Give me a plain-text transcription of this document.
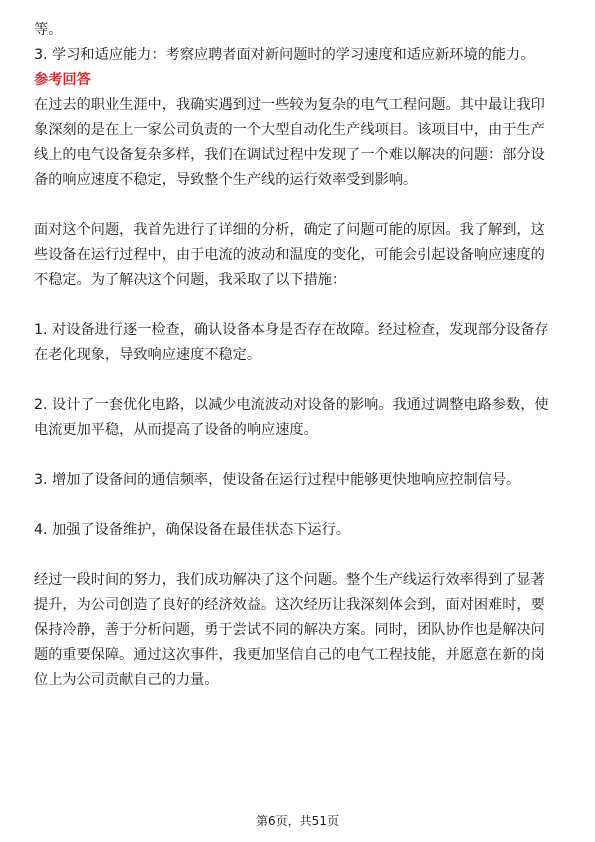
等。

3. 学习和适应能力：考察应聘者面对新问题时的学习速度和适应新环境的能力。

参考回答

在过去的职业生涯中，我确实遇到过一些较为复杂的电气工程问题。其中最让我印

象深刻的是在上一家公司负责的一个大型自动化生产线项目。该项目中，由于生产

线上的电气设备复杂多样，我们在调试过程中发现了一个难以解决的问题：部分设

备的响应速度不稳定，导致整个生产线的运行效率受到影响。

面对这个问题，我首先进行了详细的分析，确定了问题可能的原因。我了解到，这

些设备在运行过程中，由于电流的波动和温度的变化，可能会引起设备响应速度的

不稳定。为了解决这个问题，我采取了以下措施：

1. 对设备进行逐一检查，确认设备本身是否存在故障。经过检查，发现部分设备存

在老化现象，导致响应速度不稳定。

2. 设计了一套优化电路，以减少电流波动对设备的影响。我通过调整电路参数，使

电流更加平稳，从而提高了设备的响应速度。

3. 增加了设备间的通信频率，使设备在运行过程中能够更快地响应控制信号。

4. 加强了设备维护，确保设备在最佳状态下运行。

经过一段时间的努力，我们成功解决了这个问题。整个生产线运行效率得到了显著

提升，为公司创造了良好的经济效益。这次经历让我深刻体会到，面对困难时，要

保持冷静，善于分析问题，勇于尝试不同的解决方案。同时，团队协作也是解决问

题的重要保障。通过这次事件，我更加坚信自己的电气工程技能，并愿意在新的岗

位上为公司贡献自己的力量。

第6页，共51页
